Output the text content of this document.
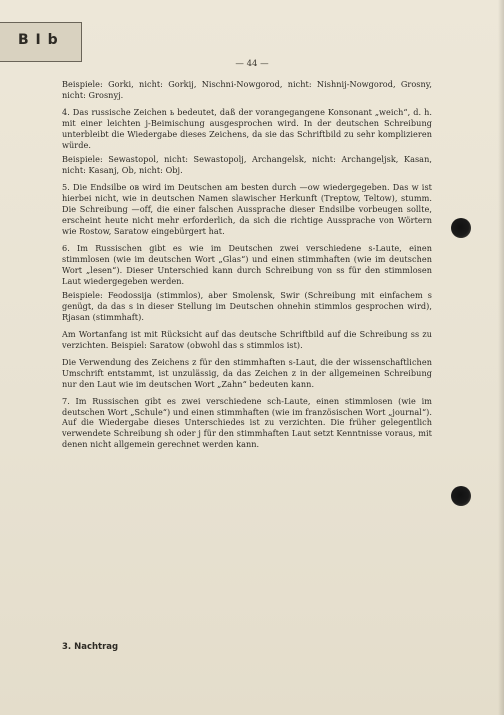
B I b
— 44 —

Beispiele: Gorki, nicht: Gorkij, Nischni-Nowgorod, nicht: Nishnij-Nowgorod, Grosny, nicht: Grosnyj.

4. Das russische Zeichen ь bedeutet, daß der vorangegangene Konsonant „weich“, d. h. mit einer leichten j-Beimischung ausgesprochen wird. In der deutschen Schreibung unterbleibt die Wiedergabe dieses Zeichens, da sie das Schriftbild zu sehr komplizieren würde.

Beispiele: Sewastopol, nicht: Sewastopolj, Archangelsk, nicht: Archangeljsk, Kasan, nicht: Kasanj, Ob, nicht: Obj.

5. Die Endsilbe ов wird im Deutschen am besten durch —ow wiedergegeben. Das w ist hierbei nicht, wie in deutschen Namen slawischer Herkunft (Treptow, Teltow), stumm. Die Schreibung —off, die einer falschen Aussprache dieser Endsilbe vorbeugen sollte, erscheint heute nicht mehr erforderlich, da sich die richtige Aussprache von Wörtern wie Rostow, Saratow eingebürgert hat.

6. Im Russischen gibt es wie im Deutschen zwei verschiedene s-Laute, einen stimmlosen (wie im deutschen Wort „Glas“) und einen stimmhaften (wie im deutschen Wort „lesen“). Dieser Unterschied kann durch Schreibung von ss für den stimmlosen Laut wiedergegeben werden.

Beispiele: Feodossija (stimmlos), aber Smolensk, Swir (Schreibung mit einfachem s genügt, da das s in dieser Stellung im Deutschen ohnehin stimmlos gesprochen wird), Rjasan (stimmhaft).

Am Wortanfang ist mit Rücksicht auf das deutsche Schriftbild auf die Schreibung ss zu verzichten. Beispiel: Saratow (obwohl das s stimmlos ist).

Die Verwendung des Zeichens z für den stimmhaften s-Laut, die der wissenschaftlichen Umschrift entstammt, ist unzulässig, da das Zeichen z in der allgemeinen Schreibung nur den Laut wie im deutschen Wort „Zahn“ bedeuten kann.

7. Im Russischen gibt es zwei verschiedene sch-Laute, einen stimmlosen (wie im deutschen Wort „Schule“) und einen stimmhaften (wie im französischen Wort „journal“). Auf die Wiedergabe dieses Unterschiedes ist zu verzichten. Die früher gelegentlich verwendete Schreibung sh oder j für den stimmhaften Laut setzt Kenntnisse voraus, mit denen nicht allgemein gerechnet werden kann.

3. Nachtrag
